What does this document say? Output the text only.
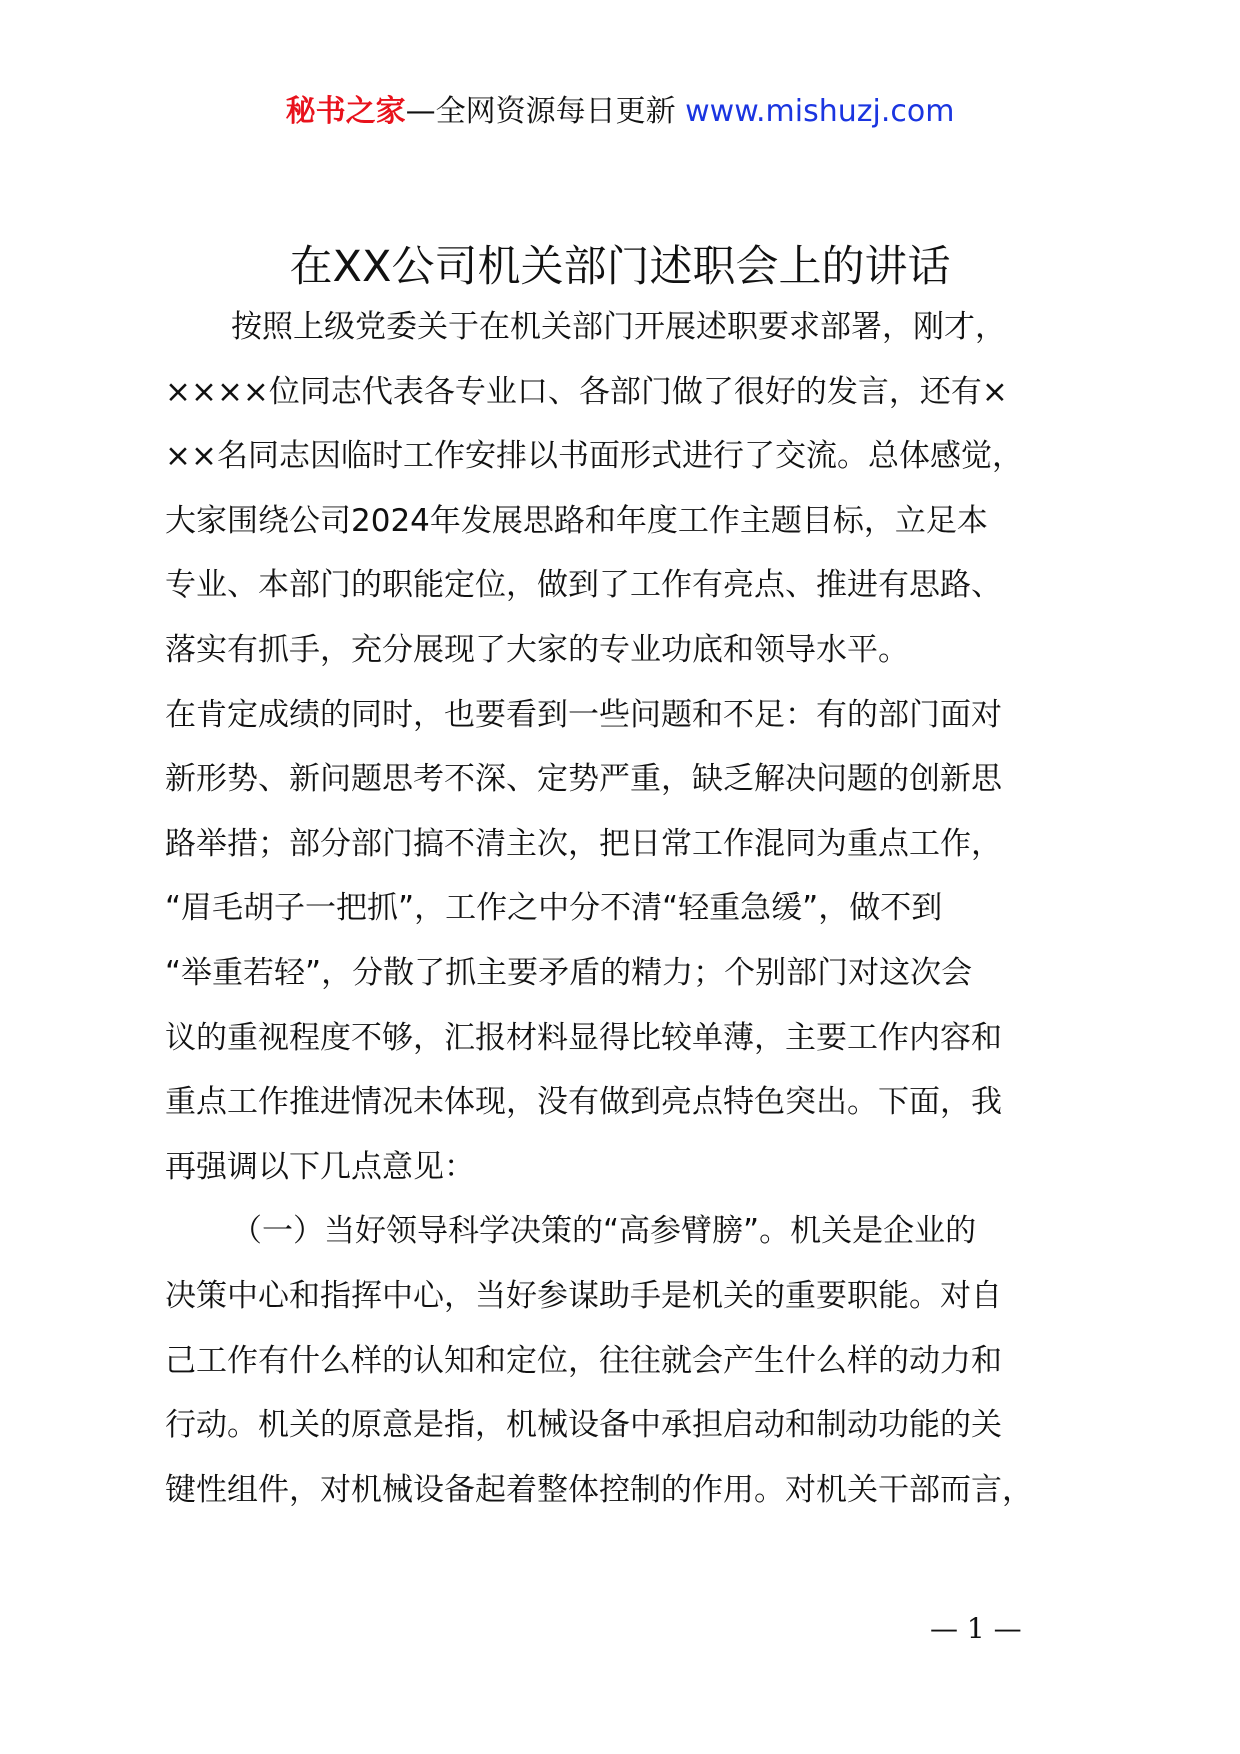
秘书之家—全网资源每日更新 www.mishuzj.com
在XX公司机关部门述职会上的讲话
按照上级党委关于在机关部门开展述职要求部署，刚才，
××××位同志代表各专业口、各部门做了很好的发言，还有×
××名同志因临时工作安排以书面形式进行了交流。总体感觉，
大家围绕公司2024年发展思路和年度工作主题目标，立足本
专业、本部门的职能定位，做到了工作有亮点、推进有思路、
落实有抓手，充分展现了大家的专业功底和领导水平。
在肯定成绩的同时，也要看到一些问题和不足：有的部门面对
新形势、新问题思考不深、定势严重，缺乏解决问题的创新思
路举措；部分部门搞不清主次，把日常工作混同为重点工作，
“眉毛胡子一把抓”，工作之中分不清“轻重急缓”，做不到
“举重若轻”，分散了抓主要矛盾的精力；个别部门对这次会
议的重视程度不够，汇报材料显得比较单薄，主要工作内容和
重点工作推进情况未体现，没有做到亮点特色突出。下面，我
再强调以下几点意见：
（一）当好领导科学决策的“高参臂膀”。机关是企业的
决策中心和指挥中心，当好参谋助手是机关的重要职能。对自
己工作有什么样的认知和定位，往往就会产生什么样的动力和
行动。机关的原意是指，机械设备中承担启动和制动功能的关
键性组件，对机械设备起着整体控制的作用。对机关干部而言，
— 1 —
